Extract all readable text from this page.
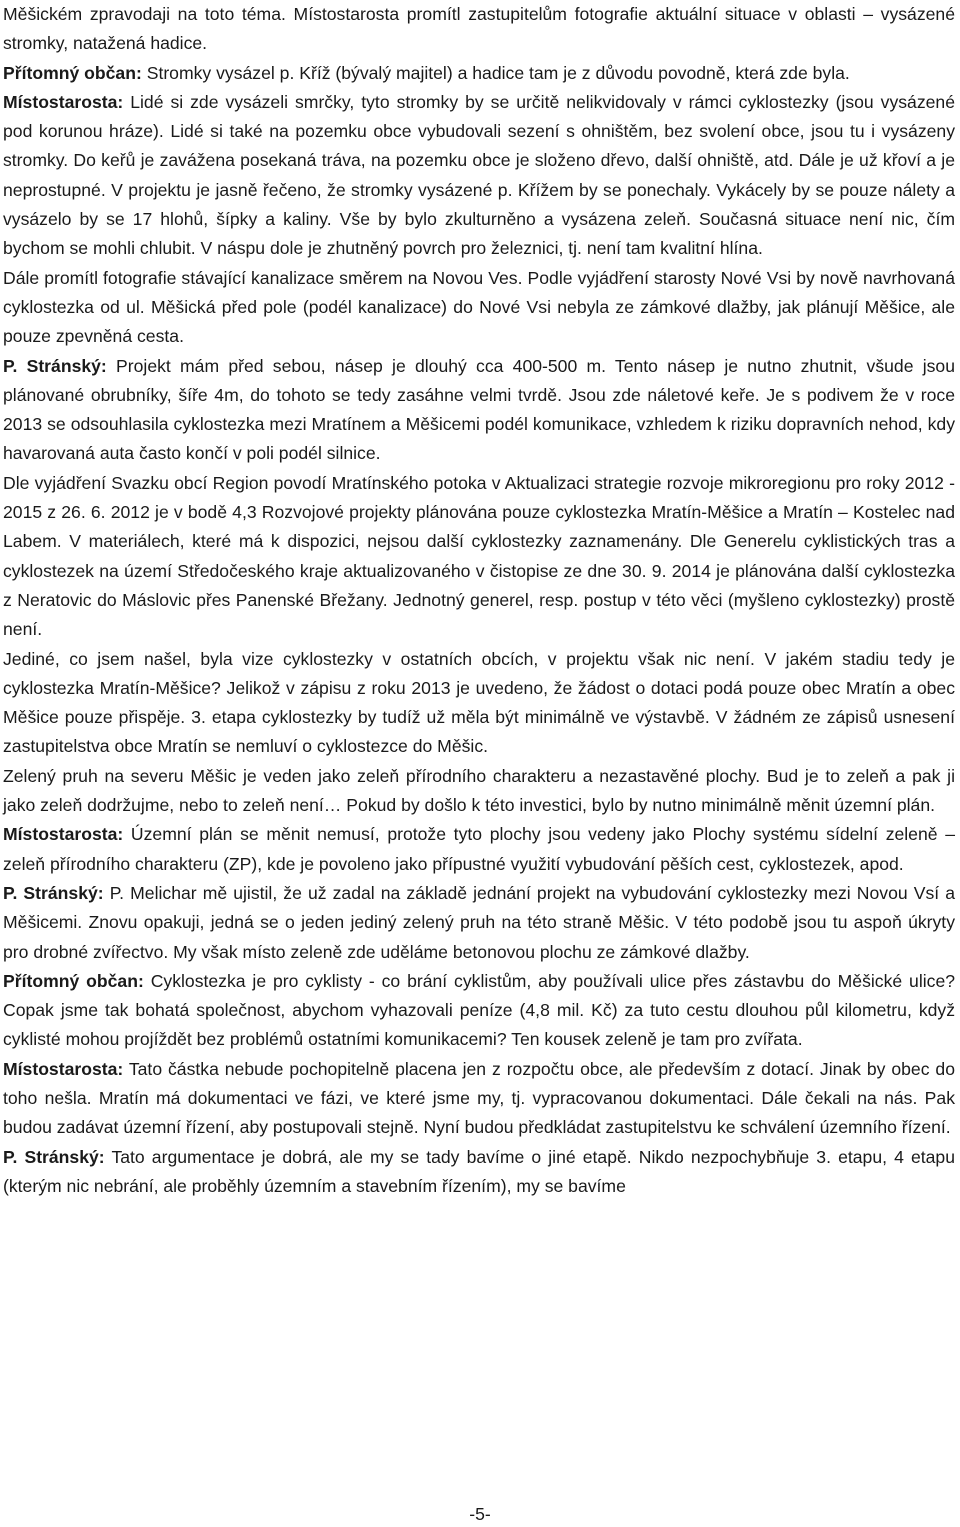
Měšickém zpravodaji na toto téma. Místostarosta promítl zastupitelům fotografie aktuální situace v oblasti – vysázené stromky, natažená hadice.

Přítomný občan: Stromky vysázel p. Kříž (bývalý majitel) a hadice tam je z důvodu povodně, která zde byla.

Místostarosta: Lidé si zde vysázeli smrčky, tyto stromky by se určitě nelikvidovaly v rámci cyklostezky (jsou vysázené pod korunou hráze). Lidé si také na pozemku obce vybudovali sezení s ohništěm, bez svolení obce, jsou tu i vysázeny stromky. Do keřů je zavážena posekaná tráva, na pozemku obce je složeno dřevo, další ohniště, atd. Dále je už křoví a je neprostupné. V projektu je jasně řečeno, že stromky vysázené p. Křížem by se ponechaly. Vykácely by se pouze nálety a vysázelo by se 17 hlohů, šípky a kaliny. Vše by bylo zkulturněno a vysázena zeleň. Současná situace není nic, čím bychom se mohli chlubit. V náspu dole je zhutněný povrch pro železnici, tj. není tam kvalitní hlína.

Dále promítl fotografie stávající kanalizace směrem na Novou Ves. Podle vyjádření starosty Nové Vsi by nově navrhovaná cyklostezka od ul. Měšická před pole (podél kanalizace) do Nové Vsi nebyla ze zámkové dlažby, jak plánují Měšice, ale pouze zpevněná cesta.

P. Stránský: Projekt mám před sebou, násep je dlouhý cca 400-500 m. Tento násep je nutno zhutnit, všude jsou plánované obrubníky, šíře 4m, do tohoto se tedy zasáhne velmi tvrdě. Jsou zde náletové keře. Je s podivem že v roce 2013 se odsouhlasila cyklostezka mezi Mratínem a Měšicemi podél komunikace, vzhledem k riziku dopravních nehod, kdy havarovaná auta často končí v poli podél silnice.

Dle vyjádření Svazku obcí Region povodí Mratínského potoka v Aktualizaci strategie rozvoje mikroregionu pro roky 2012 - 2015 z 26. 6. 2012 je v bodě 4,3 Rozvojové projekty plánována pouze cyklostezka Mratín-Měšice a Mratín – Kostelec nad Labem. V materiálech, které má k dispozici, nejsou další cyklostezky zaznamenány. Dle Generelu cyklistických tras a cyklostezek na území Středočeského kraje aktualizovaného v čistopise ze dne 30. 9. 2014 je plánována další cyklostezka z Neratovic do Máslovic přes Panenské Břežany. Jednotný generel, resp. postup v této věci (myšleno cyklostezky) prostě není.

Jediné, co jsem našel, byla vize cyklostezky v ostatních obcích, v projektu však nic není. V jakém stadiu tedy je cyklostezka Mratín-Měšice? Jelikož v zápisu z roku 2013 je uvedeno, že žádost o dotaci podá pouze obec Mratín a obec Měšice pouze přispěje. 3. etapa cyklostezky by tudíž už měla být minimálně ve výstavbě. V žádném ze zápisů usnesení zastupitelstva obce Mratín se nemluví o cyklostezce do Měšic.

Zelený pruh na severu Měšic je veden jako zeleň přírodního charakteru a nezastavěné plochy. Bud je to zeleň a pak ji jako zeleň dodržujme, nebo to zeleň není… Pokud by došlo k této investici, bylo by nutno minimálně měnit územní plán.

Místostarosta: Územní plán se měnit nemusí, protože tyto plochy jsou vedeny jako Plochy systému sídelní zeleně – zeleň přírodního charakteru (ZP), kde je povoleno jako přípustné využití vybudování pěších cest, cyklostezek, apod.

P. Stránský: P. Melichar mě ujistil, že už zadal na základě jednání projekt na vybudování cyklostezky mezi Novou Vsí a Měšicemi. Znovu opakuji, jedná se o jeden jediný zelený pruh na této straně Měšic. V této podobě jsou tu aspoň úkryty pro drobné zvířectvo. My však místo zeleně zde uděláme betonovou plochu ze zámkové dlažby.

Přítomný občan: Cyklostezka je pro cyklisty - co brání cyklistům, aby používali ulice přes zástavbu do Měšické ulice? Copak jsme tak bohatá společnost, abychom vyhazovali peníze (4,8 mil. Kč) za tuto cestu dlouhou půl kilometru, když cyklisté mohou projíždět bez problémů ostatními komunikacemi? Ten kousek zeleně je tam pro zvířata.

Místostarosta: Tato částka nebude pochopitelně placena jen z rozpočtu obce, ale především z dotací. Jinak by obec do toho nešla. Mratín má dokumentaci ve fázi, ve které jsme my, tj. vypracovanou dokumentaci. Dále čekali na nás. Pak budou zadávat územní řízení, aby postupovali stejně. Nyní budou předkládat zastupitelstvu ke schválení územního řízení.

P. Stránský: Tato argumentace je dobrá, ale my se tady bavíme o jiné etapě. Nikdo nezpochybňuje 3. etapu, 4 etapu (kterým nic nebrání, ale proběhly územním a stavebním řízením), my se bavíme

-5-
